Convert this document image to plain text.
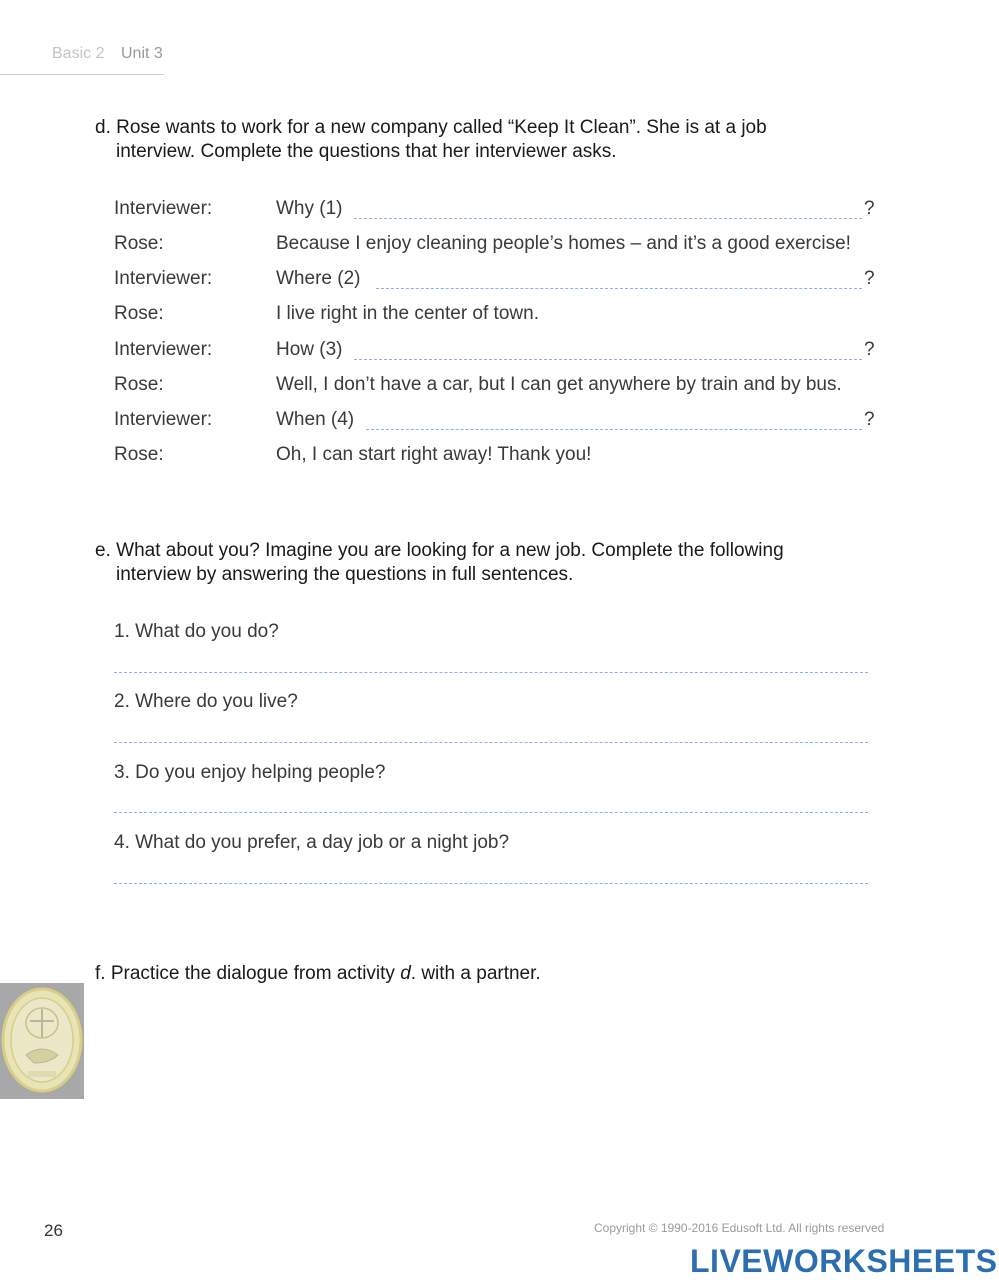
Basic 2 Unit 3
d. Rose wants to work for a new company called “Keep It Clean”. She is at a job
interview. Complete the questions that her interviewer asks.
Interviewer:	Why (1)	?
Rose:	Because I enjoy cleaning people’s homes – and it’s a good exercise!
Interviewer:	Where (2)	?
Rose:	I live right in the center of town.
Interviewer:	How (3)	?
Rose:	Well, I don’t have a car, but I can get anywhere by train and by bus.
Interviewer:	When (4)	?
Rose:	Oh, I can start right away! Thank you!
e. What about you? Imagine you are looking for a new job. Complete the following
interview by answering the questions in full sentences.
1. What do you do?
2. Where do you live?
3. Do you enjoy helping people?
4. What do you prefer, a day job or a night job?
f. Practice the dialogue from activity d. with a partner.
26	Copyright © 1990-2016 Edusoft Ltd. All rights reserved
LIVEWORKSHEETS
